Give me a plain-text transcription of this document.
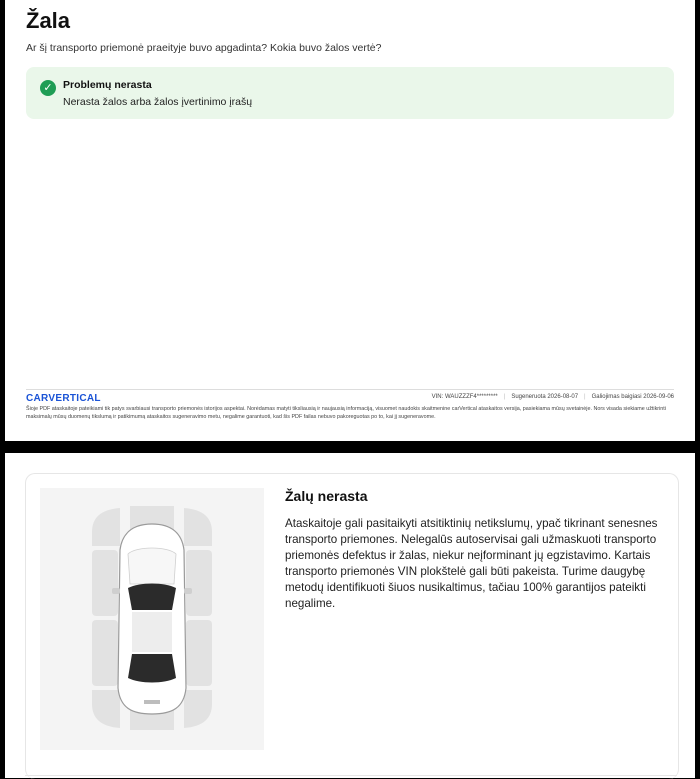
Žala
Ar šį transporto priemonė praeityje buvo apgadinta? Kokia buvo žalos vertė?
✓ Problemų nerasta
Nerasta žalos arba žalos įvertinimo įrašų
CARVERTICAL	VIN: WAUZZZF4********* | Sugeneruota 2026-08-07 | Galiojimas baigiasi 2026-09-06
Šioje PDF ataskaitoje pateikiami tik patys svarbiausi transporto priemonės istorijos aspektai. Norėdamas matyti tiksliausią ir naujausią informaciją, visuomet naudokis skaitmenine carVertical ataskaitos versija, pasiekiama mūsų svetainėje. Nors visada siekiame užtikrinti maksimalų mūsų duomenų tikslumą ir patikimumą ataskaitos sugeneravimo metu, negalime garantuoti, kad šis PDF failas nebuvo pakoreguotas po to, kai jį sugeneravome.
Žalų nerasta
Ataskaitoje gali pasitaikyti atsitiktinių netikslumų, ypač tikrinant senesnes transporto priemones. Nelegalūs autoservisai gali užmaskuoti transporto priemonės defektus ir žalas, niekur neįforminant jų egzistavimo. Kartais transporto priemonės VIN plokštelė gali būti pakeista. Turime daugybę metodų identifikuoti šiuos nusikaltimus, tačiau 100% garantijos pateikti negalime.
